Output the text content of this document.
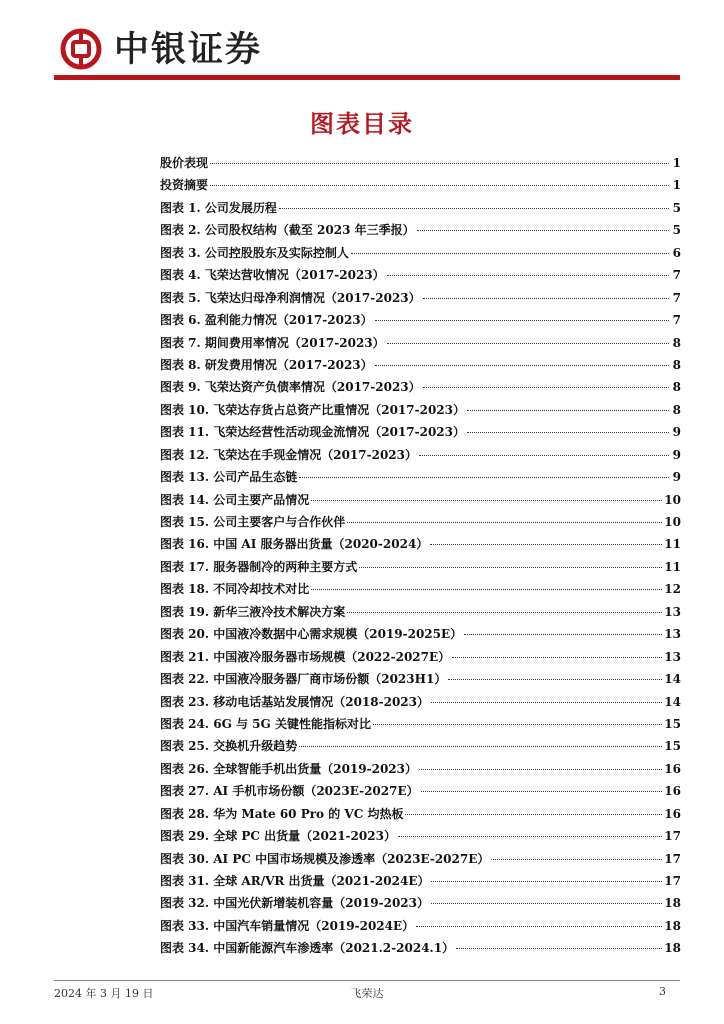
中银证券
图表目录
股价表现	1
投资摘要	1
图表 1. 公司发展历程	5
图表 2. 公司股权结构（截至 2023 年三季报）	5
图表 3. 公司控股股东及实际控制人	6
图表 4. 飞荣达营收情况（2017-2023）	7
图表 5. 飞荣达归母净利润情况（2017-2023）	7
图表 6. 盈利能力情况（2017-2023）	7
图表 7. 期间费用率情况（2017-2023）	8
图表 8. 研发费用情况（2017-2023）	8
图表 9. 飞荣达资产负债率情况（2017-2023）	8
图表 10. 飞荣达存货占总资产比重情况（2017-2023）	8
图表 11. 飞荣达经营性活动现金流情况（2017-2023）	9
图表 12. 飞荣达在手现金情况（2017-2023）	9
图表 13. 公司产品生态链	9
图表 14. 公司主要产品情况	10
图表 15. 公司主要客户与合作伙伴	10
图表 16. 中国 AI 服务器出货量（2020-2024）	11
图表 17. 服务器制冷的两种主要方式	11
图表 18. 不同冷却技术对比	12
图表 19. 新华三液冷技术解决方案	13
图表 20. 中国液冷数据中心需求规模（2019-2025E）	13
图表 21. 中国液冷服务器市场规模（2022-2027E）	13
图表 22. 中国液冷服务器厂商市场份额（2023H1）	14
图表 23. 移动电话基站发展情况（2018-2023）	14
图表 24. 6G 与 5G 关键性能指标对比	15
图表 25. 交换机升级趋势	15
图表 26. 全球智能手机出货量（2019-2023）	16
图表 27. AI 手机市场份额（2023E-2027E）	16
图表 28. 华为 Mate 60 Pro 的 VC 均热板	16
图表 29. 全球 PC 出货量（2021-2023）	17
图表 30. AI PC 中国市场规模及渗透率（2023E-2027E）	17
图表 31. 全球 AR/VR 出货量（2021-2024E）	17
图表 32. 中国光伏新增装机容量（2019-2023）	18
图表 33. 中国汽车销量情况（2019-2024E）	18
图表 34. 中国新能源汽车渗透率（2021.2-2024.1）	18
2024 年 3 月 19 日	飞荣达	3
